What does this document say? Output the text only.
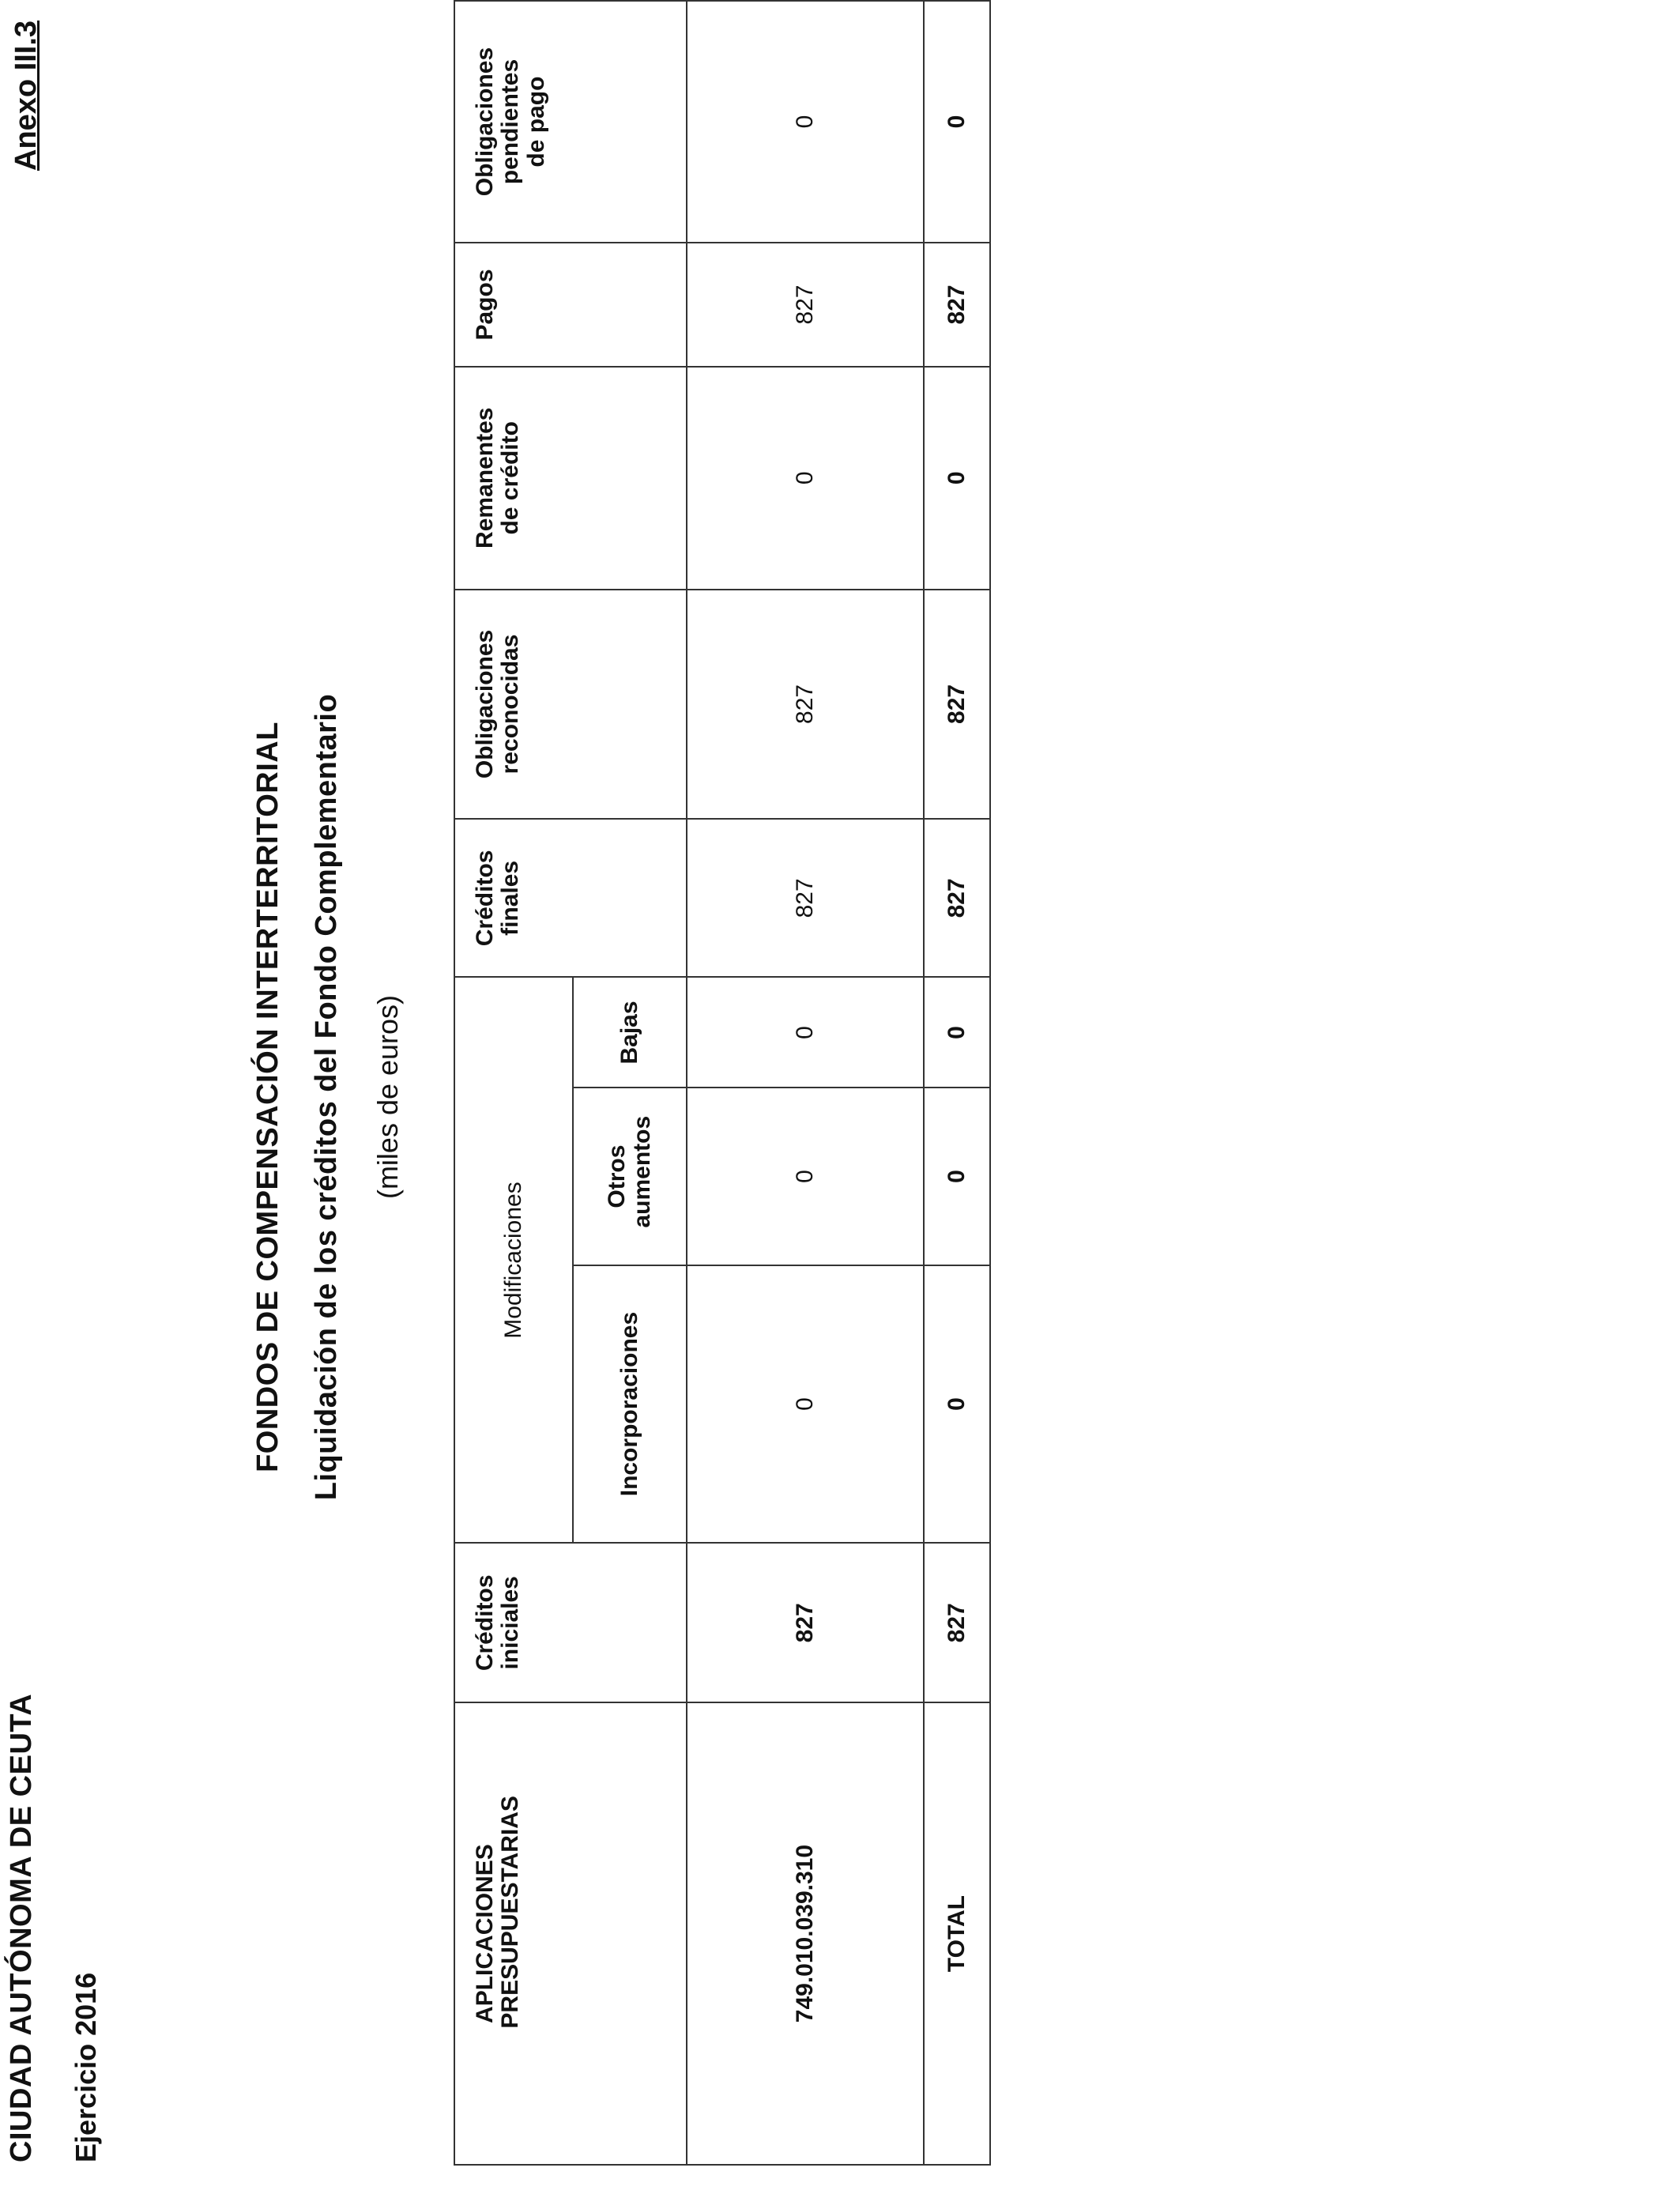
CIUDAD AUTÓNOMA DE CEUTA Ejercicio 2016
Anexo III.3
FONDOS DE COMPENSACIÓN INTERTERRITORIAL Liquidación de los créditos del Fondo Complementario (miles de euros)
APLICACIONES PRESUPUESTARIAS	Créditos iniciales	Modificaciones			Créditos finales	Obligaciones reconocidas	Remanentes de crédito	Pagos	Obligaciones pendientes de pago
		Incorporaciones	Otros aumentos	Bajas					
749.010.039.310	827	0	0	0	827	827	0	827	0
TOTAL	827	0	0	0	827	827	0	827	0
